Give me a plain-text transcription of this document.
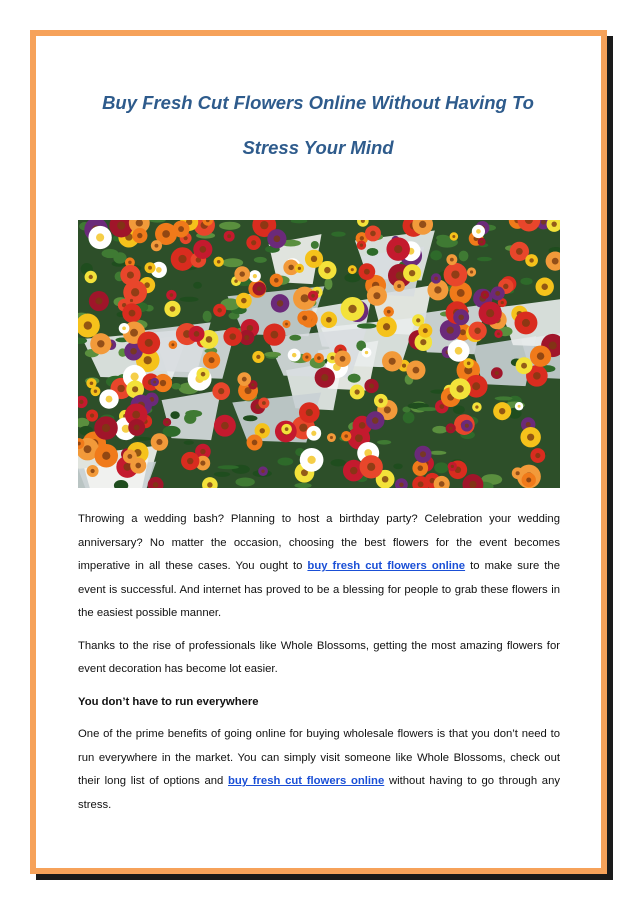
Buy Fresh Cut Flowers Online Without Having To
Stress Your Mind

Throwing a wedding bash? Planning to host a birthday party? Celebration your wedding anniversary? No matter the occasion, choosing the best flowers for the event becomes imperative in all these cases. You ought to buy fresh cut flowers online to make sure the event is successful. And internet has proved to be a blessing for people to grab these flowers in the easiest possible manner.

Thanks to the rise of professionals like Whole Blossoms, getting the most amazing flowers for event decoration has become lot easier.

You don’t have to run everywhere

One of the prime benefits of going online for buying wholesale flowers is that you don’t need to run everywhere in the market. You can simply visit someone like Whole Blossoms, check out their long list of options and buy fresh cut flowers online without having to go through any stress.
